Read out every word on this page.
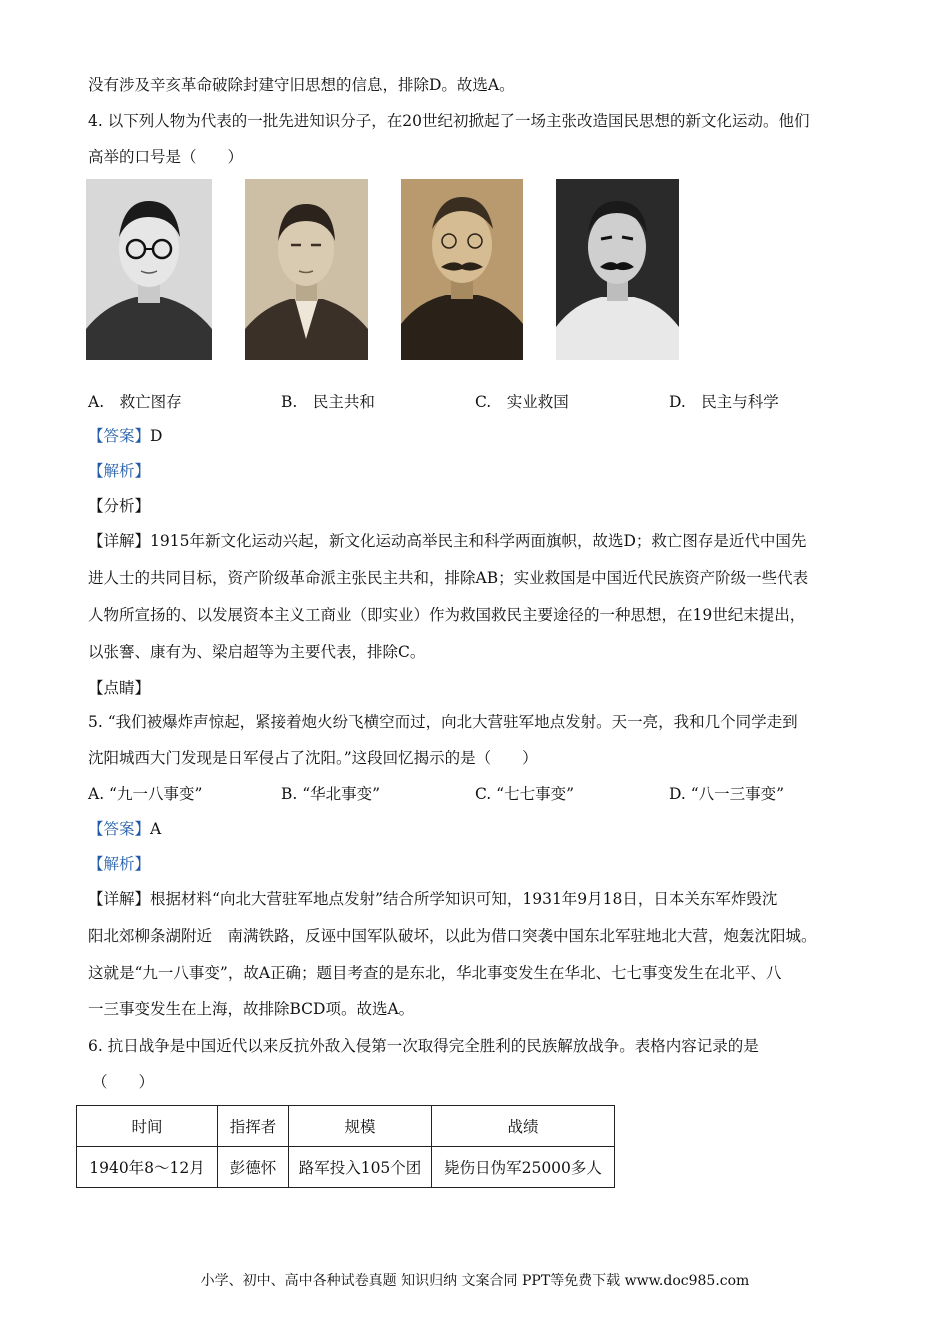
没有涉及辛亥革命破除封建守旧思想的信息，排除D。故选A。
4. 以下列人物为代表的一批先进知识分子，在20世纪初掀起了一场主张改造国民思想的新文化运动。他们
高举的口号是（　　）
A.　救亡图存	B.　民主共和	C.　实业救国	D.　民主与科学
【答案】D
【解析】
【分析】
【详解】1915年新文化运动兴起，新文化运动高举民主和科学两面旗帜，故选D；救亡图存是近代中国先
进人士的共同目标，资产阶级革命派主张民主共和，排除AB；实业救国是中国近代民族资产阶级一些代表
人物所宣扬的、以发展资本主义工商业（即实业）作为救国救民主要途径的一种思想，在19世纪末提出，
以张謇、康有为、梁启超等为主要代表，排除C。
【点睛】
5. “我们被爆炸声惊起，紧接着炮火纷飞横空而过，向北大营驻军地点发射。天一亮，我和几个同学走到
沈阳城西大门发现是日军侵占了沈阳。”这段回忆揭示的是（　　）
A. “九一八事变”	B. “华北事变”	C. “七七事变”	D. “八一三事变”
【答案】A
【解析】
【详解】根据材料“向北大营驻军地点发射”结合所学知识可知，1931年9月18日，日本关东军炸毁沈
阳北郊柳条湖附近　南满铁路，反诬中国军队破坏，以此为借口突袭中国东北军驻地北大营，炮轰沈阳城。
这就是“九一八事变”，故A正确；题目考查的是东北，华北事变发生在华北、七七事变发生在北平、八
一三事变发生在上海，故排除BCD项。故选A。
6. 抗日战争是中国近代以来反抗外敌入侵第一次取得完全胜利的民族解放战争。表格内容记录的是
（　　）
时间	指挥者	规模	战绩
1940年8～12月	彭德怀	路军投入105个团	毙伤日伪军25000多人
小学、初中、高中各种试卷真题 知识归纳 文案合同 PPT等免费下载 www.doc985.com
